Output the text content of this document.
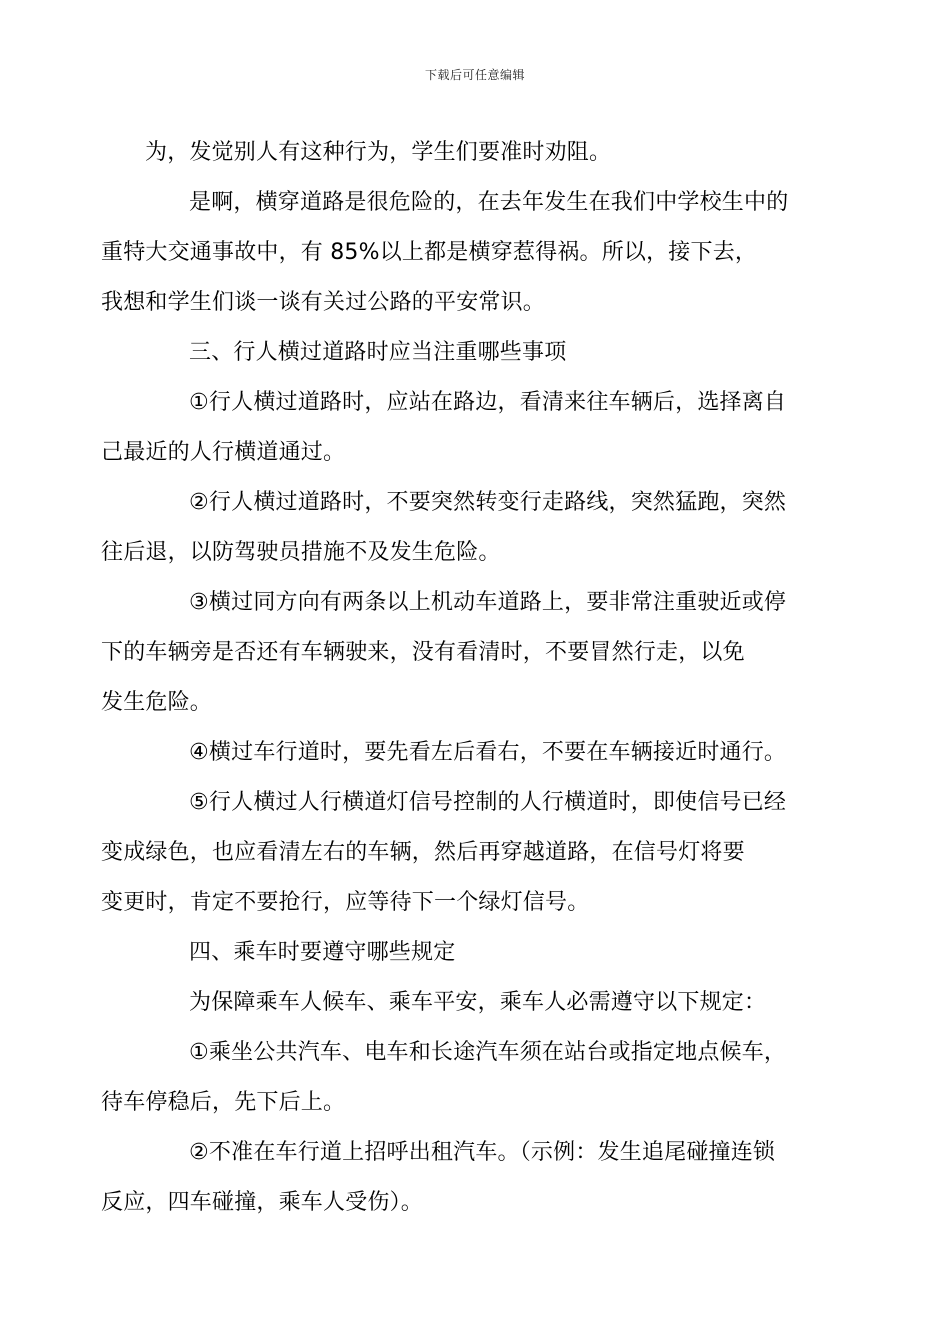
下载后可任意编辑

为，发觉别人有这种行为，学生们要准时劝阻。

是啊，横穿道路是很危险的，在去年发生在我们中学校生中的
重特大交通事故中，有 85%以上都是横穿惹得祸。所以，接下去，
我想和学生们谈一谈有关过公路的平安常识。

三、行人横过道路时应当注重哪些事项

①行人横过道路时，应站在路边，看清来往车辆后，选择离自
己最近的人行横道通过。

②行人横过道路时，不要突然转变行走路线，突然猛跑，突然
往后退，以防驾驶员措施不及发生危险。

③横过同方向有两条以上机动车道路上，要非常注重驶近或停
下的车辆旁是否还有车辆驶来，没有看清时，不要冒然行走，以免
发生危险。

④横过车行道时，要先看左后看右，不要在车辆接近时通行。

⑤行人横过人行横道灯信号控制的人行横道时，即使信号已经
变成绿色，也应看清左右的车辆，然后再穿越道路，在信号灯将要
变更时，肯定不要抢行，应等待下一个绿灯信号。

四、乘车时要遵守哪些规定

为保障乘车人候车、乘车平安，乘车人必需遵守以下规定：

①乘坐公共汽车、电车和长途汽车须在站台或指定地点候车，
待车停稳后，先下后上。

②不准在车行道上招呼出租汽车。（示例：发生追尾碰撞连锁
反应，四车碰撞，乘车人受伤）。
